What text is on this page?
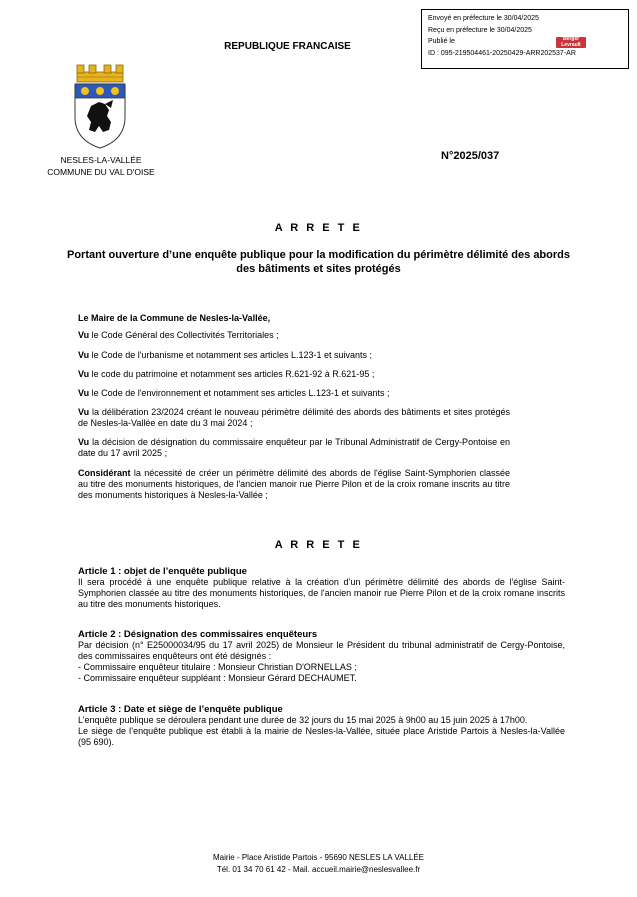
Envoyé en préfecture le 30/04/2025
Reçu en préfecture le 30/04/2025
Publié le
ID : 095-219504461-20250429-ARR202537-AR
Berger Levrault
REPUBLIQUE FRANCAISE
NESLES-LA-VALLÉE
COMMUNE DU VAL D'OISE
N°2025/037
A R R E T E
Portant ouverture d’une enquête publique pour la modification du périmètre délimité des abords des bâtiments et sites protégés
Le Maire de la Commune de Nesles-la-Vallée,
Vu le Code Général des Collectivités Territoriales ;
Vu le Code de l'urbanisme et notamment ses articles L.123-1 et suivants ;
Vu le code du patrimoine et notamment ses articles R.621-92 à R.621-95 ;
Vu le Code de l'environnement et notamment ses articles L.123-1 et suivants ;
Vu la délibération 23/2024 créant le nouveau périmètre délimité des abords des bâtiments et sites protégés de Nesles-la-Vallée en date du 3 mai 2024 ;
Vu la décision de désignation du commissaire enquêteur par le Tribunal Administratif de Cergy-Pontoise en date du 17 avril 2025 ;
Considérant la nécessité de créer un périmètre délimité des abords de l'église Saint-Symphorien classée au titre des monuments historiques, de l'ancien manoir rue Pierre Pilon et de la croix romane inscrits au titre des monuments historiques à Nesles-la-Vallée ;
A R R E T E
Article 1 : objet de l’enquête publique

Il sera procédé à une enquête publique relative à la création d’un périmètre délimité des abords de l'église Saint-Symphorien classée au titre des monuments historiques, de l'ancien manoir rue Pierre Pilon et de la croix romane inscrits au titre des monuments historiques.

Article 2 : Désignation des commissaires enquêteurs

Par décision (n° E25000034/95 du 17 avril 2025) de Monsieur le Président du tribunal administratif de Cergy-Pontoise, des commissaires enquêteurs ont été désignés :

- Commissaire enquêteur titulaire : Monsieur Christian D'ORNELLAS ;

- Commissaire enquêteur suppléant : Monsieur Gérard DECHAUMET.

Article 3 : Date et siège de l’enquête publique

L’enquête publique se déroulera pendant une durée de 32 jours du 15 mai 2025 à 9h00 au 15 juin 2025 à 17h00.

Le siège de l’enquête publique est établi à la mairie de Nesles-la-Vallée, située place Aristide Partois à Nesles-la-Vallée (95 690).

Mairie - Place Aristide Partois - 95690 NESLES LA VALLÉE
Tél. 01 34 70 61 42 - Mail. accueil.mairie@neslesvallee.fr
